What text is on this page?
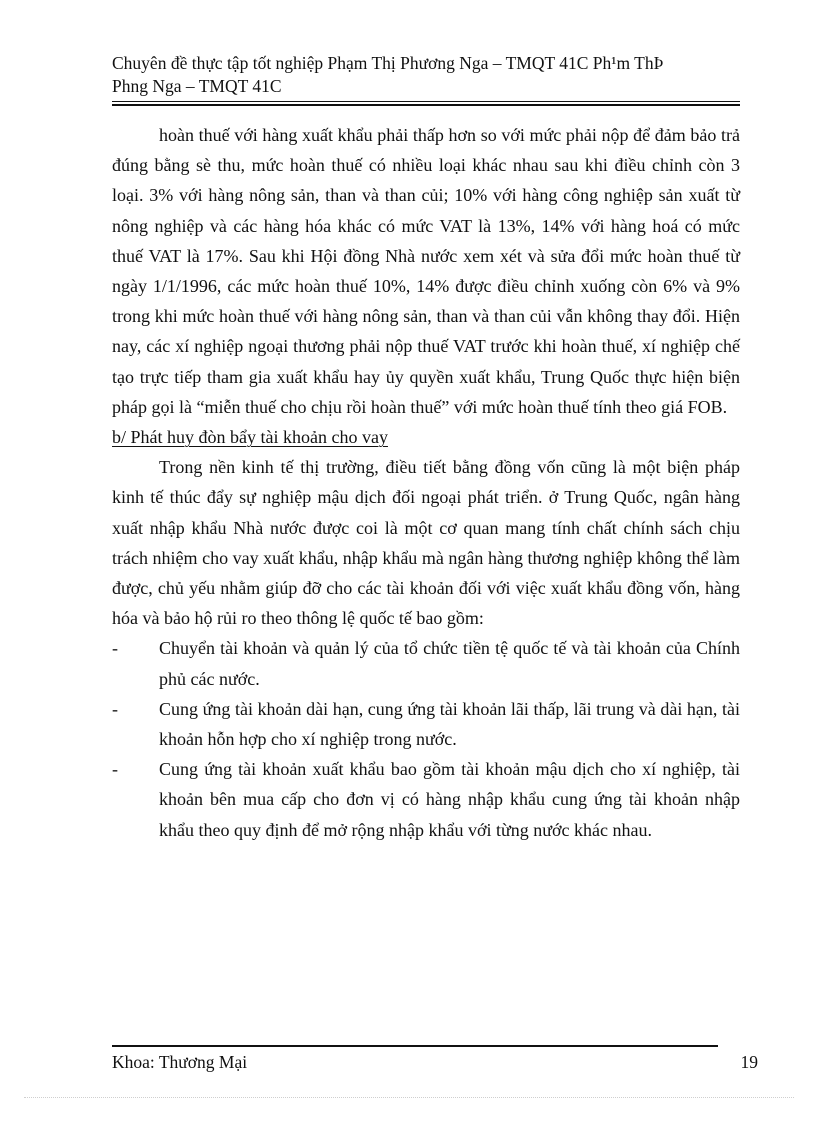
Chuyên đề thực tập tốt nghiệp Phạm Thị Phương Nga – TMQT 41C Ph¹m ThÞ
Phng Nga – TMQT 41C

hoàn thuế với hàng xuất khẩu phải thấp hơn so với mức phải nộp để đảm bảo trả đúng bằng sè thu, mức hoàn thuế có nhiều loại khác nhau sau khi điều chỉnh còn 3 loại. 3% với hàng nông sản, than và than củi; 10% với hàng công nghiệp sản xuất từ nông nghiệp và các hàng hóa khác có mức VAT là 13%, 14% với hàng hoá có mức thuế VAT là 17%. Sau khi Hội đồng Nhà nước xem xét và sửa đổi mức hoàn thuế từ ngày 1/1/1996, các mức hoàn thuế 10%, 14% được điều chỉnh xuống còn 6% và 9% trong khi mức hoàn thuế với hàng nông sản, than và than củi vẫn không thay đổi. Hiện nay, các xí nghiệp ngoại thương phải nộp thuế VAT trước khi hoàn thuế, xí nghiệp chế tạo trực tiếp tham gia xuất khẩu hay ủy quyền xuất khẩu, Trung Quốc thực hiện biện pháp gọi là “miễn thuế cho chịu rồi hoàn thuế” với mức hoàn thuế tính theo giá FOB.

b/ Phát huy đòn bẩy tài khoản cho vay

Trong nền kinh tế thị trường, điều tiết bằng đồng vốn cũng là một biện pháp kinh tế thúc đẩy sự nghiệp mậu dịch đối ngoại phát triển. ở Trung Quốc, ngân hàng xuất nhập khẩu Nhà nước được coi là một cơ quan mang tính chất chính sách chịu trách nhiệm cho vay xuất khẩu, nhập khẩu mà ngân hàng thương nghiệp không thể làm được, chủ yếu nhằm giúp đỡ cho các tài khoản đối với việc xuất khẩu đồng vốn, hàng hóa và bảo hộ rủi ro theo thông lệ quốc tế bao gồm:

- Chuyển tài khoản và quản lý của tổ chức tiền tệ quốc tế và tài khoản của Chính phủ các nước.

- Cung ứng tài khoản dài hạn, cung ứng tài khoản lãi thấp, lãi trung và dài hạn, tài khoản hỗn hợp cho xí nghiệp trong nước.

- Cung ứng tài khoản xuất khẩu bao gồm tài khoản mậu dịch cho xí nghiệp, tài khoản bên mua cấp cho đơn vị có hàng nhập khẩu cung ứng tài khoản nhập khẩu theo quy định để mở rộng nhập khẩu với từng nước khác nhau.

Khoa: Thương Mại	19
